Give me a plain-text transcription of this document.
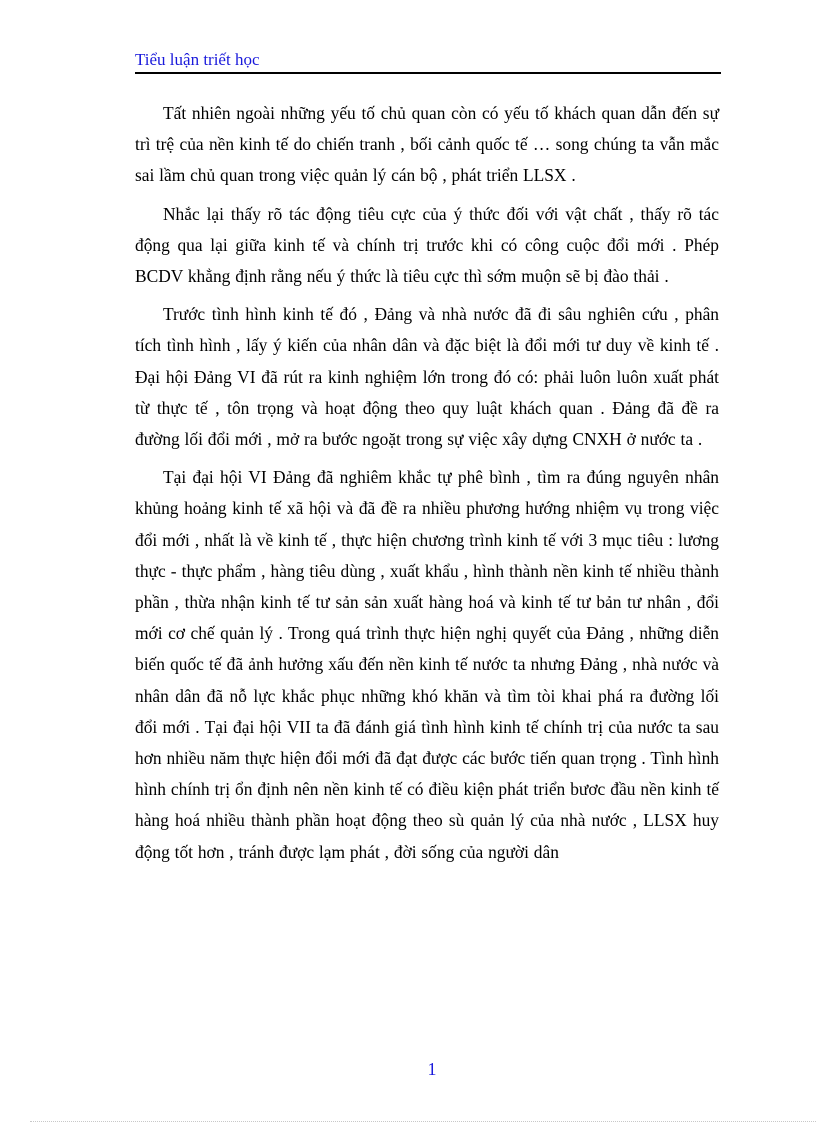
Tiểu luận triết học

Tất nhiên ngoài những yếu tố chủ quan còn có yếu tố khách quan dẫn đến sự trì trệ của nền kinh tế do chiến tranh , bối cảnh quốc tế … song chúng ta vẫn mắc sai lầm chủ quan trong việc quản lý cán bộ , phát triển LLSX .

Nhắc lại thấy rõ tác động tiêu cực của ý thức đối với vật chất , thấy rõ tác động qua lại giữa kinh tế và chính trị trước khi có công cuộc đổi mới . Phép BCDV khẳng định rằng nếu ý thức là tiêu cực thì sớm muộn sẽ bị đào thải .

Trước tình hình kinh tế đó , Đảng và nhà nước đã đi sâu nghiên cứu , phân tích tình hình , lấy ý kiến của nhân dân và đặc biệt là đổi mới tư duy về kinh tế . Đại hội Đảng VI đã rút ra kinh nghiệm lớn trong đó có: phải luôn luôn xuất phát từ thực tế , tôn trọng và hoạt động theo quy luật khách quan . Đảng đã đề ra đường lối đổi mới , mở ra bước ngoặt trong sự việc xây dựng CNXH ở nước ta .

Tại đại hội VI Đảng đã nghiêm khắc tự phê bình , tìm ra đúng nguyên nhân khủng hoảng kinh tế xã hội và đã đề ra nhiều phương hướng nhiệm vụ trong việc đổi mới , nhất là về kinh tế , thực hiện chương trình kinh tế với 3 mục tiêu : lương thực - thực phẩm , hàng tiêu dùng , xuất khẩu , hình thành nền kinh tế nhiều thành phần , thừa nhận kinh tế tư sản sản xuất hàng hoá và kinh tế tư bản tư nhân , đổi mới cơ chế quản lý . Trong quá trình thực hiện nghị quyết của Đảng , những diễn biến quốc tế đã ảnh hưởng xấu đến nền kinh tế nước ta nhưng Đảng , nhà nước và nhân dân đã nỗ lực khắc phục những khó khăn và tìm tòi khai phá ra đường lối đổi mới . Tại đại hội VII ta đã đánh giá tình hình kinh tế chính trị của nước ta sau hơn nhiều năm thực hiện đổi mới đã đạt được các bước tiến quan trọng . Tình hình hình chính trị ổn định nên nền kinh tế có điều kiện phát triển bươc đầu nền kinh tế hàng hoá nhiều thành phần hoạt động theo sù quản lý của nhà nước , LLSX huy động tốt hơn , tránh được lạm phát , đời sống của người dân

1
